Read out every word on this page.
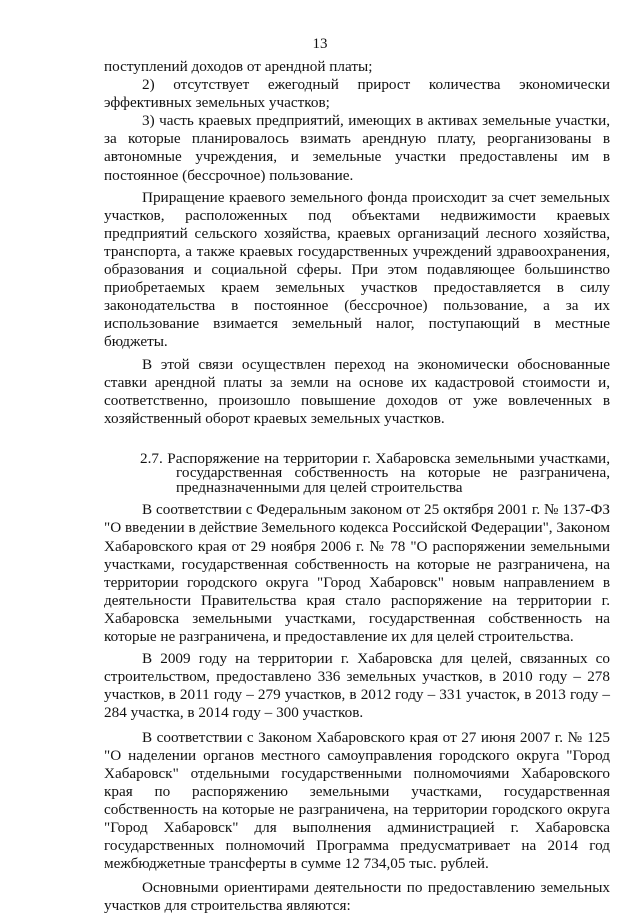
13

поступлений доходов от арендной платы;

2) отсутствует ежегодный прирост количества экономически эффективных земельных участков;

3) часть краевых предприятий, имеющих в активах земельные участки, за которые планировалось взимать арендную плату, реорганизованы в автономные учреждения, и земельные участки предоставлены им в постоянное (бессрочное) пользование.

Приращение краевого земельного фонда происходит за счет земельных участков, расположенных под объектами недвижимости краевых предприятий сельского хозяйства, краевых организаций лесного хозяйства, транспорта, а также краевых государственных учреждений здравоохранения, образования и социальной сферы. При этом подавляющее большинство приобретаемых краем земельных участков предоставляется в силу законодательства в постоянное (бессрочное) пользование, а за их использование взимается земельный налог, поступающий в местные бюджеты.

В этой связи осуществлен переход на экономически обоснованные ставки арендной платы за земли на основе их кадастровой стоимости и, соответственно, произошло повышение доходов от уже вовлеченных в хозяйственный оборот краевых земельных участков.

2.7. Распоряжение на территории г. Хабаровска земельными участками, государственная собственность на которые не разграничена, предназначенными для целей строительства

В соответствии с Федеральным законом от 25 октября 2001 г. № 137-ФЗ "О введении в действие Земельного кодекса Российской Федерации", Законом Хабаровского края от 29 ноября 2006 г. № 78 "О распоряжении земельными участками, государственная собственность на которые не разграничена, на территории городского округа "Город Хабаровск" новым направлением в деятельности Правительства края стало распоряжение на территории г. Хабаровска земельными участками, государственная собственность на которые не разграничена, и предоставление их для целей строительства.

В 2009 году на территории г. Хабаровска для целей, связанных со строительством, предоставлено 336 земельных участков, в 2010 году – 278 участков, в 2011 году – 279 участков, в 2012 году – 331 участок, в 2013 году – 284 участка, в 2014 году – 300 участков.

В соответствии с Законом Хабаровского края от 27 июня 2007 г. № 125 "О наделении органов местного самоуправления городского округа "Город Хабаровск" отдельными государственными полномочиями Хабаровского края по распоряжению земельными участками, государственная собственность на которые не разграничена, на территории городского округа "Город Хабаровск" для выполнения администрацией г. Хабаровска государственных полномочий Программа предусматривает на 2014 год межбюджетные трансферты в сумме 12 734,05 тыс. рублей.

Основными ориентирами деятельности по предоставлению земельных участков для строительства являются:
